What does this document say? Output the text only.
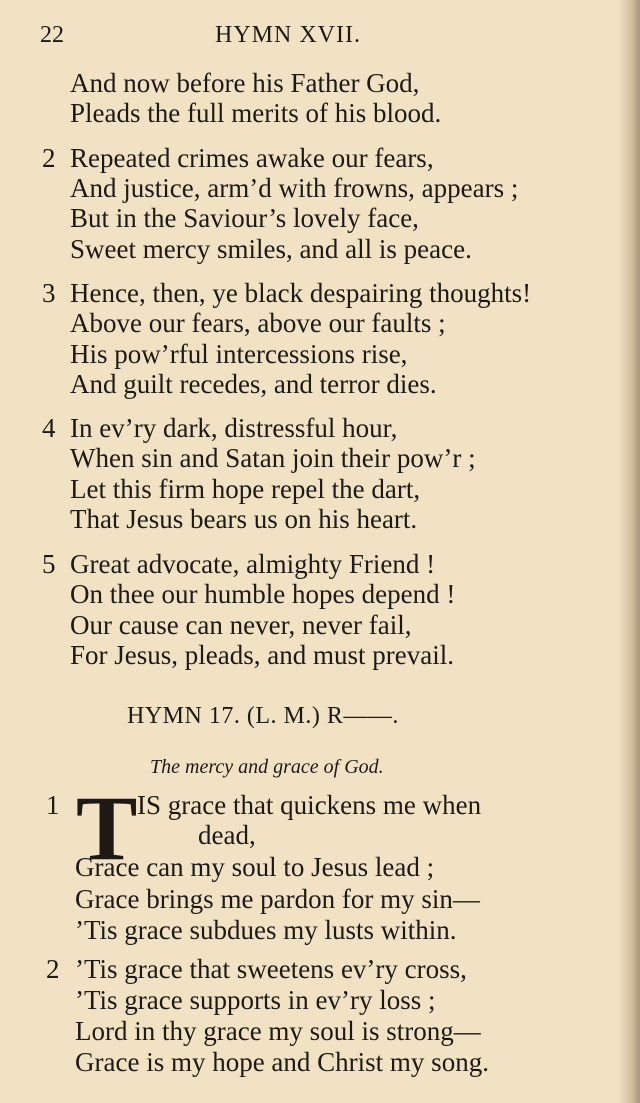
22	HYMN XVII.
And now before his Father God,
Pleads the full merits of his blood.
2 Repeated crimes awake our fears,
And justice, arm’d with frowns, appears ;
But in the Saviour’s lovely face,
Sweet mercy smiles, and all is peace.
3 Hence, then, ye black despairing thoughts!
Above our fears, above our faults ;
His pow’rful intercessions rise,
And guilt recedes, and terror dies.
4 In ev’ry dark, distressful hour,
When sin and Satan join their pow’r ;
Let this firm hope repel the dart,
That Jesus bears us on his heart.
5 Great advocate, almighty Friend !
On thee our humble hopes depend !
Our cause can never, never fail,
For Jesus, pleads, and must prevail.
HYMN 17. (L. M.) R——.
The mercy and grace of God.
1 T IS grace that quickens me when
dead,
Grace can my soul to Jesus lead ;
Grace brings me pardon for my sin—
’Tis grace subdues my lusts within.
2 ’Tis grace that sweetens ev’ry cross,
’Tis grace supports in ev’ry loss ;
Lord in thy grace my soul is strong—
Grace is my hope and Christ my song.
